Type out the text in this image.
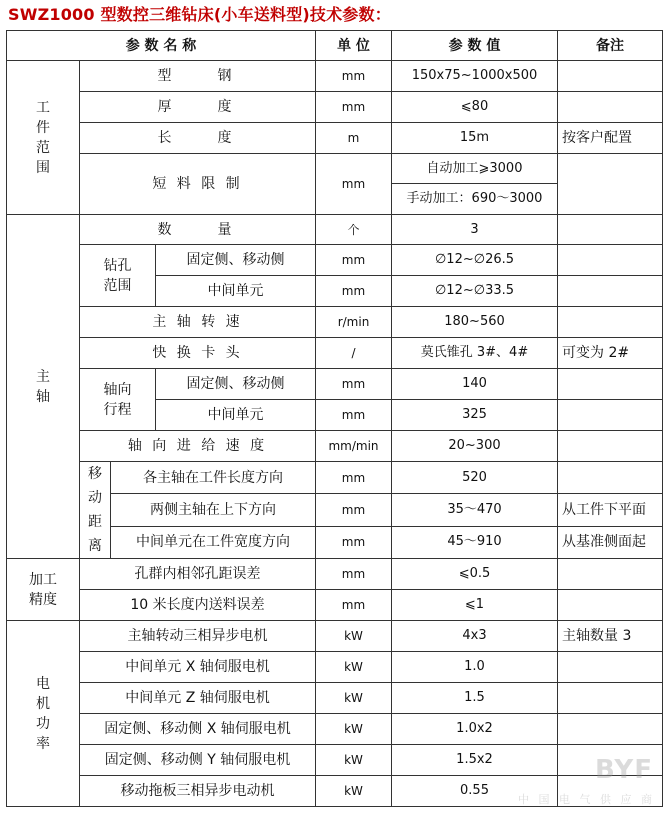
SWZ1000 型数控三维钻床(小车送料型)技术参数：
参 数 名 称				单 位	参 数 值	备注
工件范围	型　　钢			mm	150x75~1000x500	
	厚　　度			mm	⩽80	
	长　　度			m	15m	按客户配置
	短 料 限 制			mm	自动加工⩾3000	
					手动加工：690～3000	
主轴	数　　量			个	3	
	钻孔范围		固定侧、移动侧	mm	∅12~∅26.5	
			中间单元	mm	∅12~∅33.5	
	主 轴 转 速			r/min	180~560	
	快 换 卡 头			/	莫氏锥孔 3#、4#	可变为 2#
	轴向行程		固定侧、移动侧	mm	140	
			中间单元	mm	325	
	轴 向 进 给 速 度			mm/min	20~300	
	移动距离	各主轴在工件长度方向		mm	520	
		两侧主轴在上下方向		mm	35～470	从工件下平面
		中间单元在工件宽度方向		mm	45～910	从基准侧面起
加工精度	孔群内相邻孔距误差			mm	⩽0.5	
	10 米长度内送料误差			mm	⩽1	
电机功率	主轴转动三相异步电机			kW	4x3	主轴数量 3
	中间单元 X 轴伺服电机			kW	1.0	
	中间单元 Z 轴伺服电机			kW	1.5	
	固定侧、移动侧 X 轴伺服电机			kW	1.0x2	
	固定侧、移动侧 Y 轴伺服电机			kW	1.5x2	
	移动拖板三相异步电动机			kW	0.55	
BYF
中 国 电 气 供 应 商
